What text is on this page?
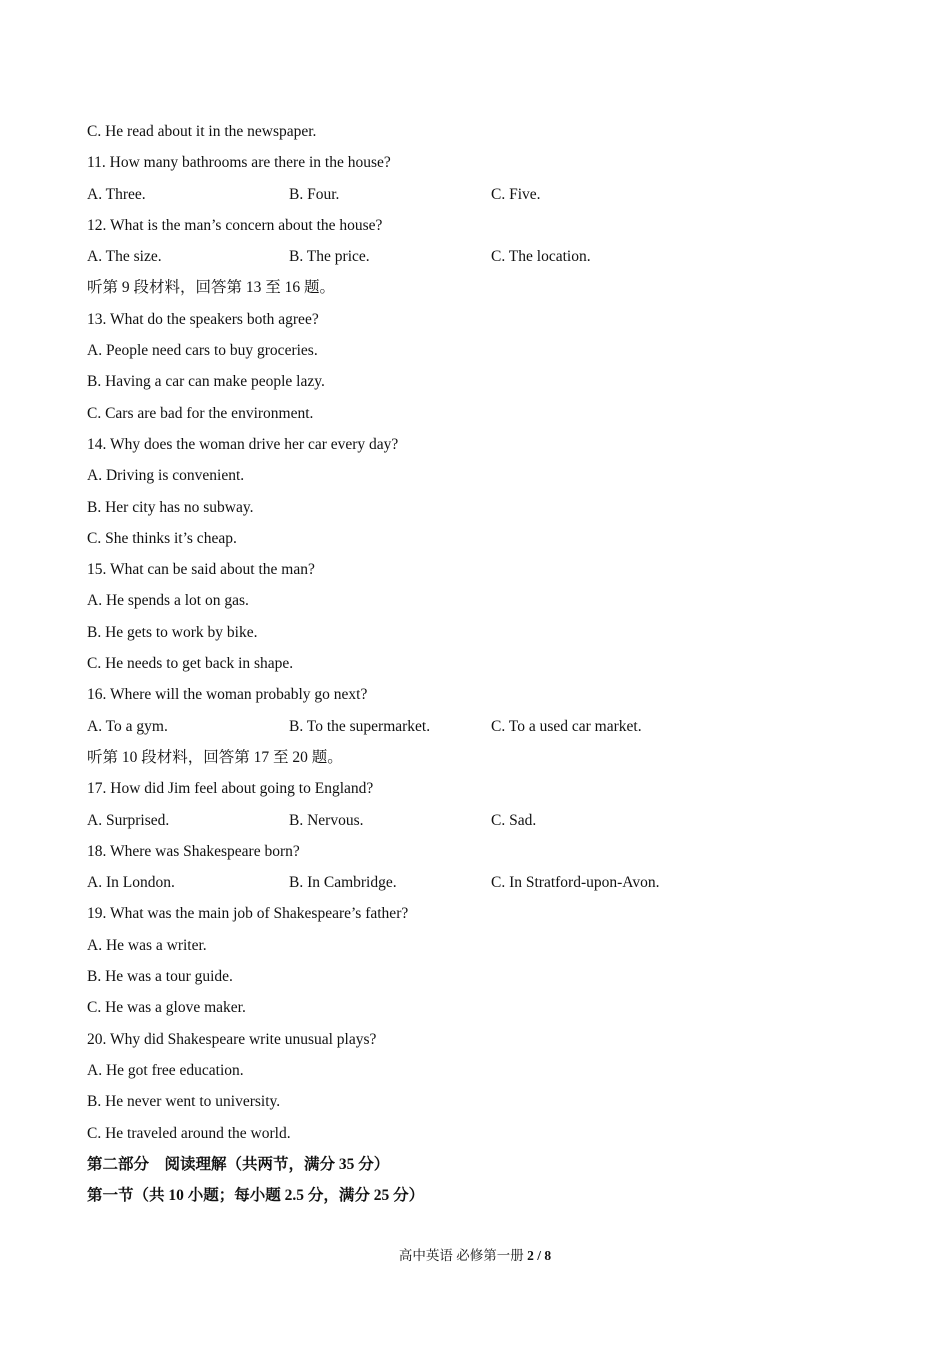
C. He read about it in the newspaper.
11. How many bathrooms are there in the house?
A. Three.	B. Four.	C. Five.
12. What is the man’s concern about the house?
A. The size.	B. The price.	C. The location.
听第 9 段材料，回答第 13 至 16 题。
13. What do the speakers both agree?
A. People need cars to buy groceries.
B. Having a car can make people lazy.
C. Cars are bad for the environment.
14. Why does the woman drive her car every day?
A. Driving is convenient.
B. Her city has no subway.
C. She thinks it’s cheap.
15. What can be said about the man?
A. He spends a lot on gas.
B. He gets to work by bike.
C. He needs to get back in shape.
16. Where will the woman probably go next?
A. To a gym.	B. To the supermarket.	C. To a used car market.
听第 10 段材料，回答第 17 至 20 题。
17. How did Jim feel about going to England?
A. Surprised.	B. Nervous.	C. Sad.
18. Where was Shakespeare born?
A. In London.	B. In Cambridge.	C. In Stratford-upon-Avon.
19. What was the main job of Shakespeare’s father?
A. He was a writer.
B. He was a tour guide.
C. He was a glove maker.
20. Why did Shakespeare write unusual plays?
A. He got free education.
B. He never went to university.
C. He traveled around the world.
第二部分　阅读理解（共两节，满分 35 分）
第一节（共 10 小题；每小题 2.5 分，满分 25 分）
高中英语 必修第一册 2 / 8
